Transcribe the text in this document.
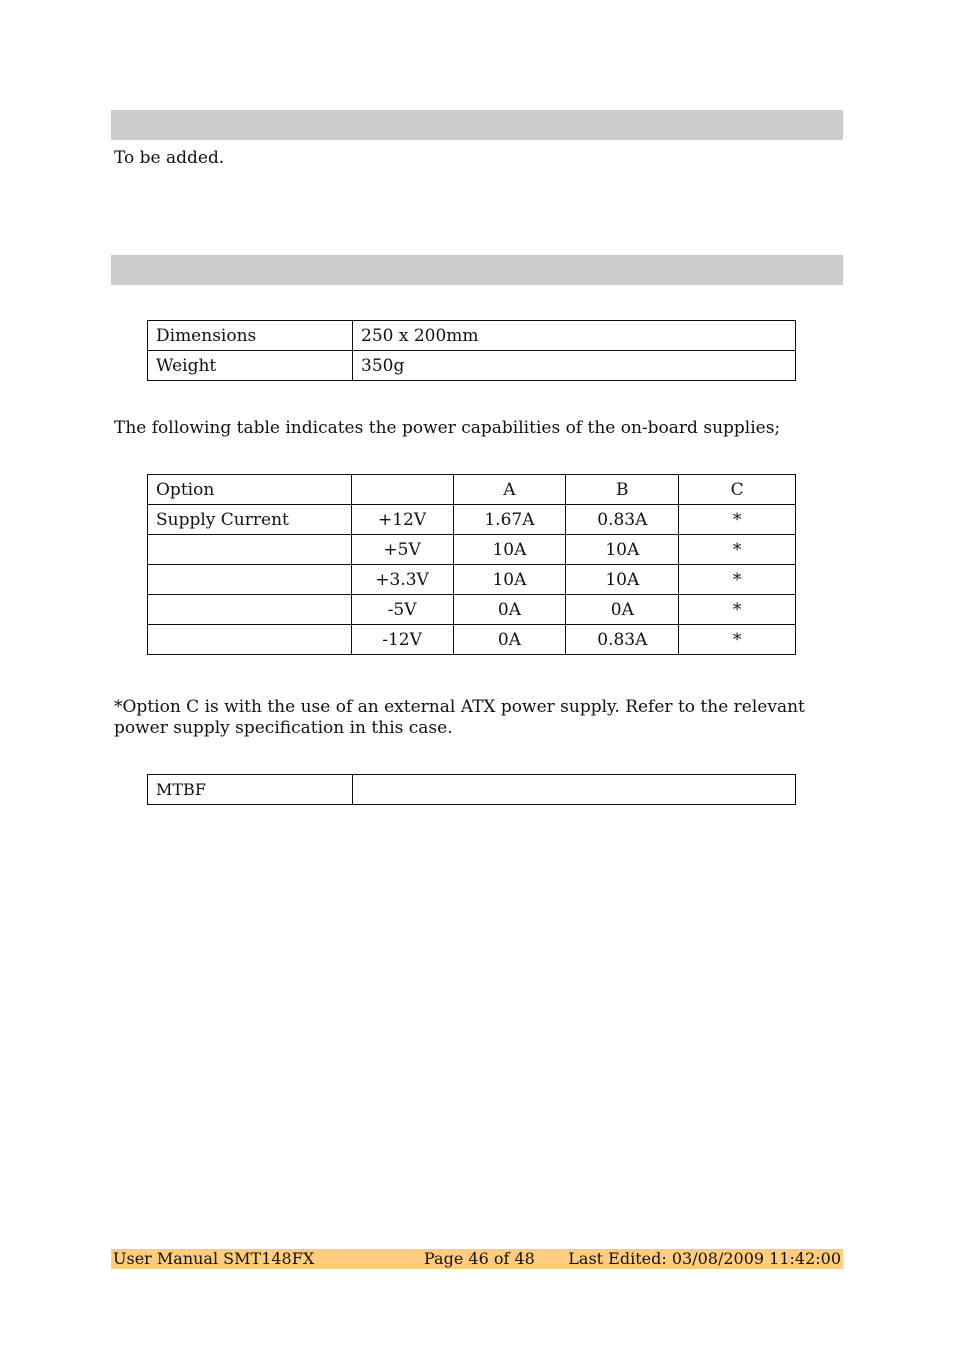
To be added.

Dimensions	250 x 200mm
Weight	350g

The following table indicates the power capabilities of the on-board supplies;

Option		A	B	C
Supply Current	+12V	1.67A	0.83A	*
	+5V	10A	10A	*
	+3.3V	10A	10A	*
	-5V	0A	0A	*
	-12V	0A	0.83A	*

*Option C is with the use of an external ATX power supply. Refer to the relevant
power supply specification in this case.

MTBF	
User Manual SMT148FX	Page 46 of 48 Last Edited: 03/08/2009 11:42:00
